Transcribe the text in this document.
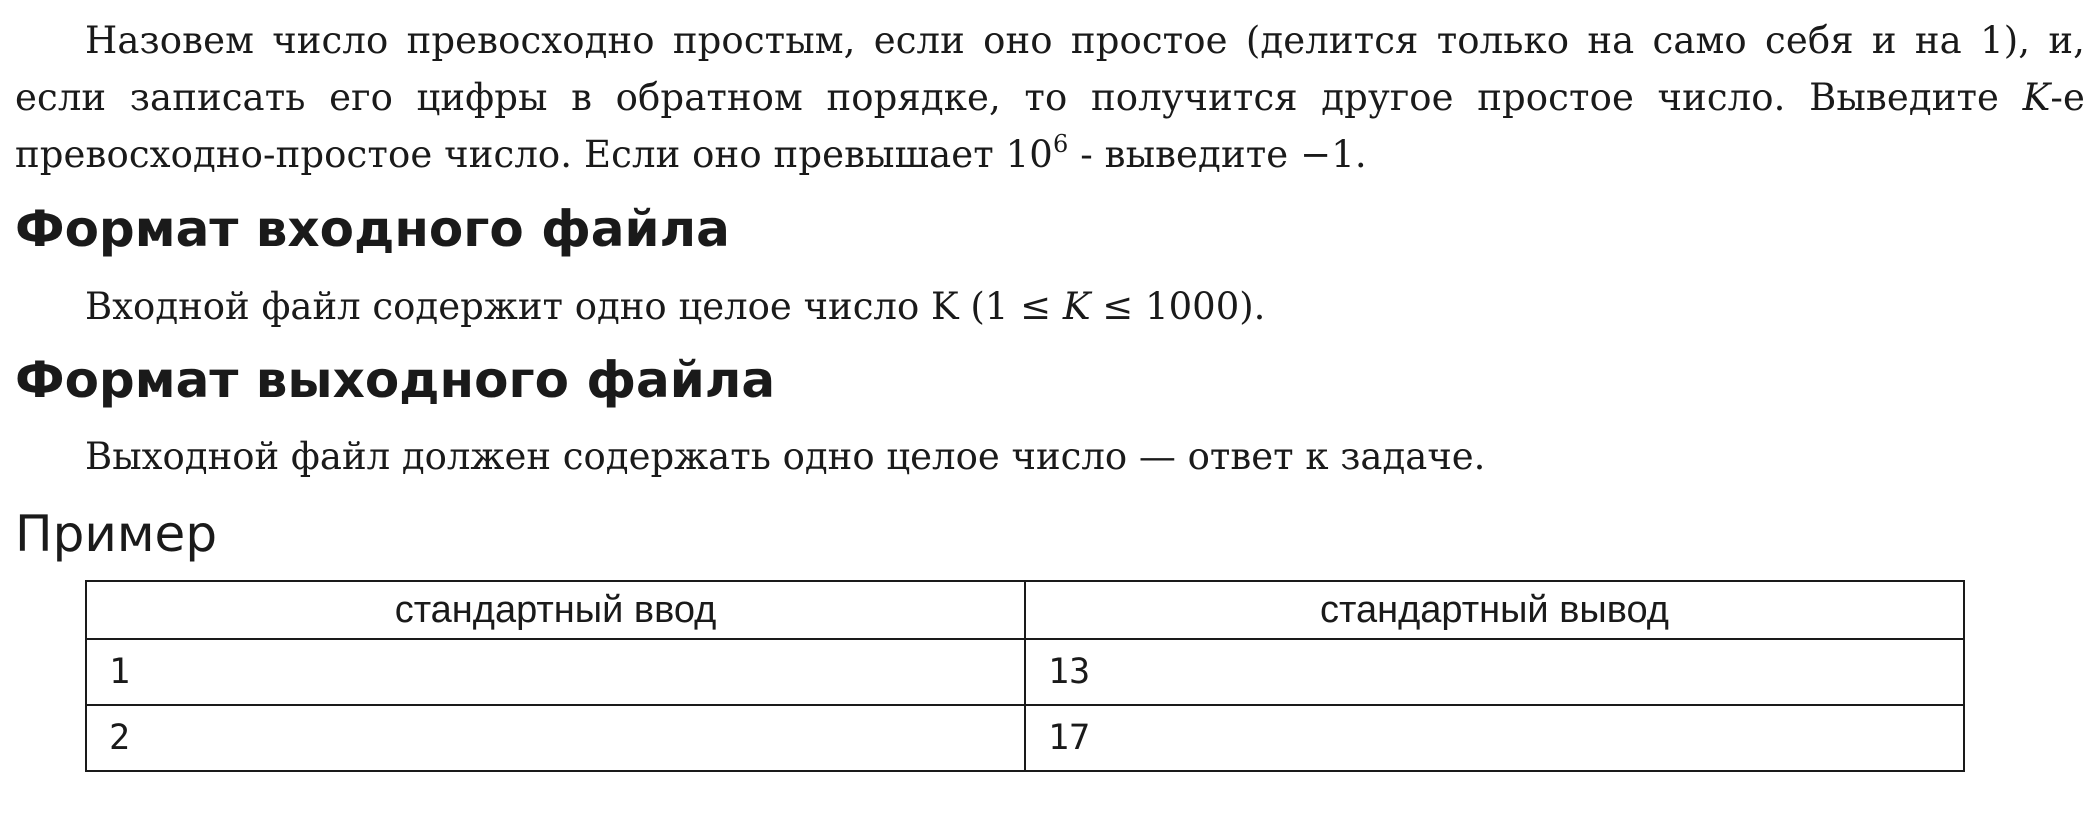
Назовем число превосходно простым, если оно простое (делится только на само себя и на 1), и, если записать его цифры в обратном порядке, то получится другое простое число. Выведите K-е превосходно-простое число. Если оно превышает $10^6$ - выведите −1.

Формат входного файла

Входной файл содержит одно целое число K (1 ≤ K ≤ 1000).

Формат выходного файла

Выходной файл должен содержать одно целое число — ответ к задаче.

Пример
стандартный ввод	стандартный вывод
1	13
2	17
